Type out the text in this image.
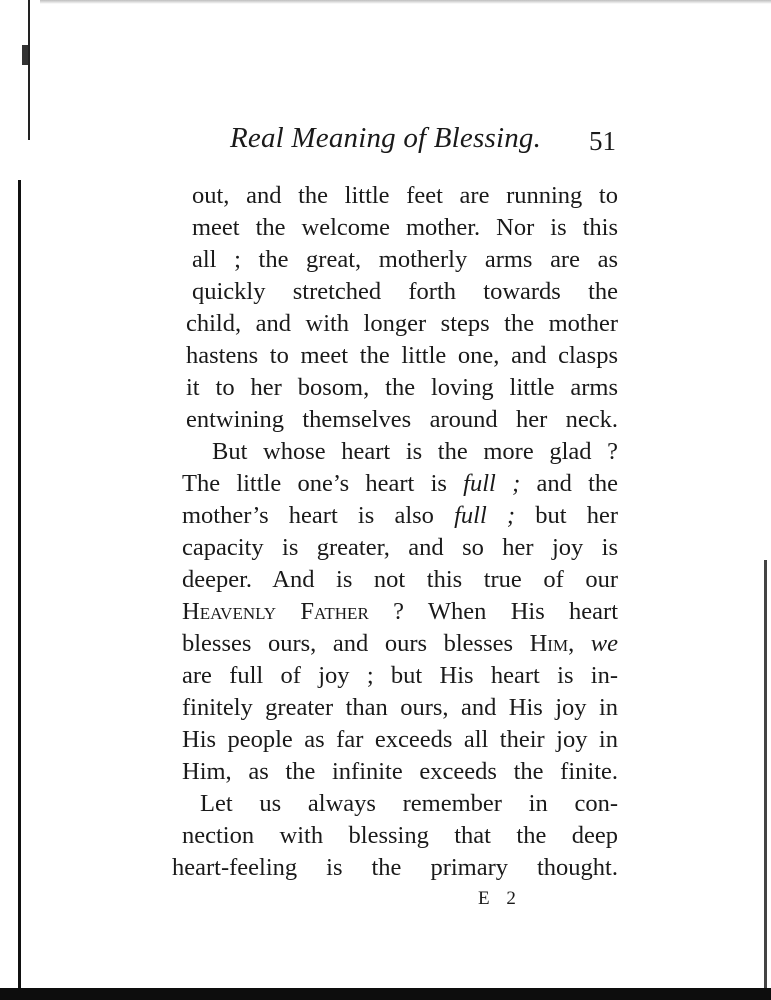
Real Meaning of Blessing. 51
out, and the little feet are running to
meet the welcome mother. Nor is this
all ; the great, motherly arms are as
quickly stretched forth towards the
child, and with longer steps the mother
hastens to meet the little one, and clasps
it to her bosom, the loving little arms
entwining themselves around her neck.
But whose heart is the more glad ?
The little one’s heart is full ; and the
mother’s heart is also full ; but her
capacity is greater, and so her joy is
deeper. And is not this true of our
Heavenly Father ? When His heart
blesses ours, and ours blesses Him, we
are full of joy ; but His heart is in-
finitely greater than ours, and His joy in
His people as far exceeds all their joy in
Him, as the infinite exceeds the finite.
Let us always remember in con-
nection with blessing that the deep
heart-feeling is the primary thought.
E 2
